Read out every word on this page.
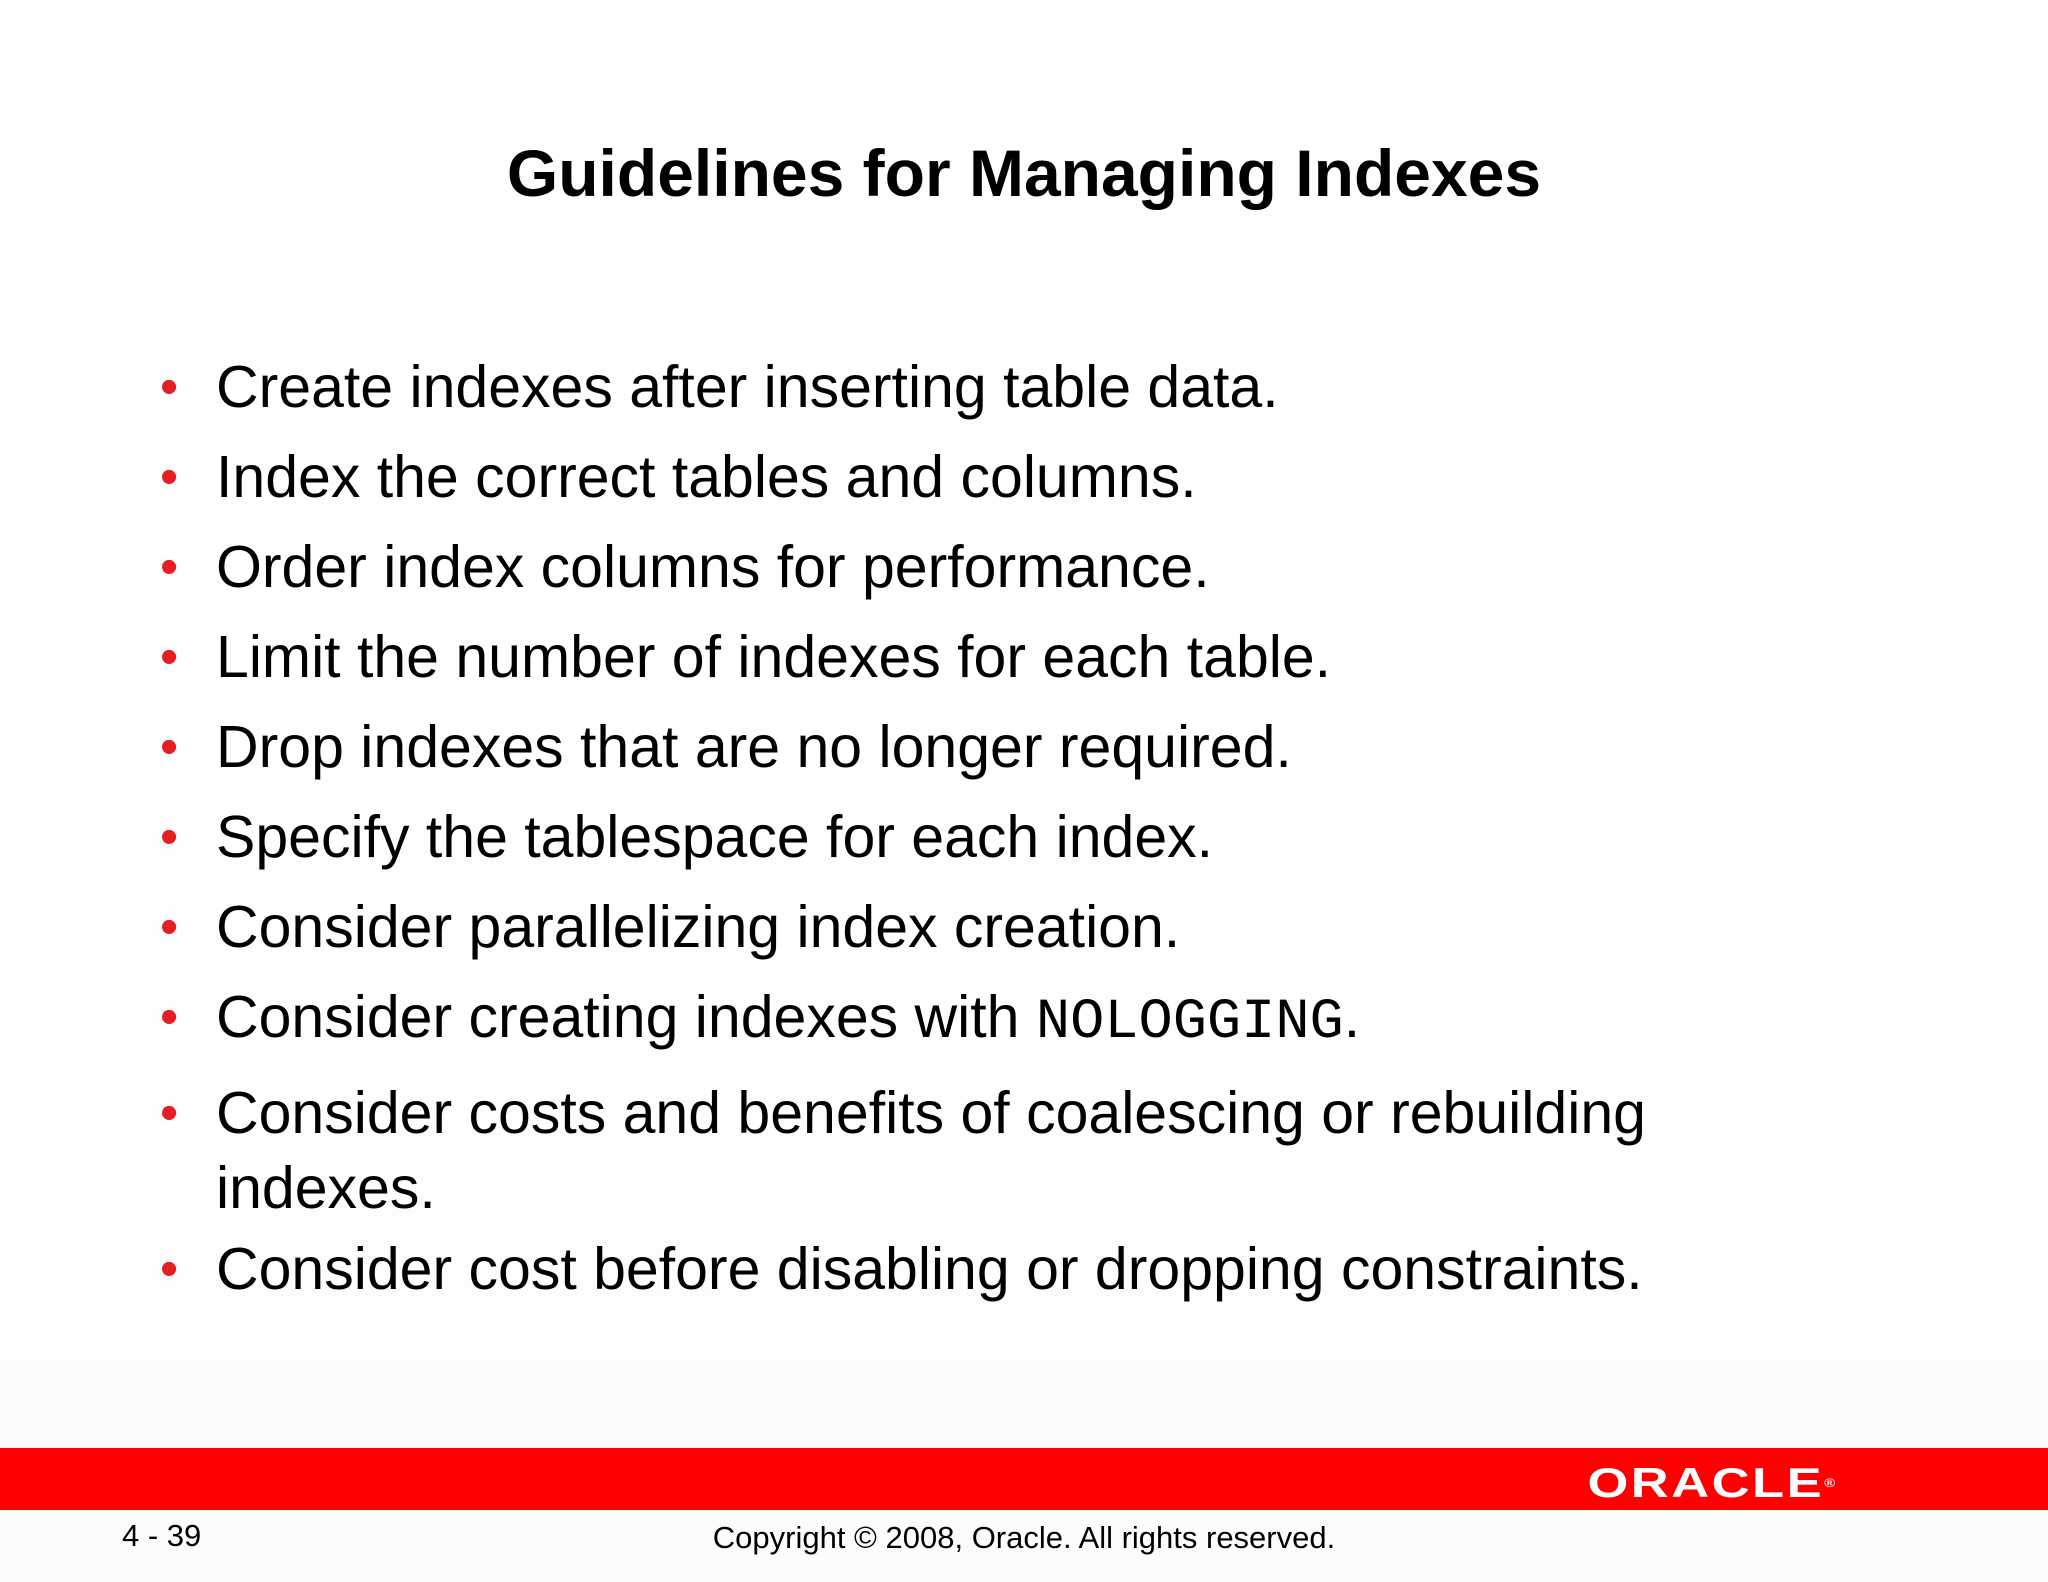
Guidelines for Managing Indexes
• Create indexes after inserting table data.
• Index the correct tables and columns.
• Order index columns for performance.
• Limit the number of indexes for each table.
• Drop indexes that are no longer required.
• Specify the tablespace for each index.
• Consider parallelizing index creation.
• Consider creating indexes with NOLOGGING.
• Consider costs and benefits of coalescing or rebuilding
indexes.
• Consider cost before disabling or dropping constraints.
ORACLE®
4 - 39	Copyright © 2008, Oracle. All rights reserved.
